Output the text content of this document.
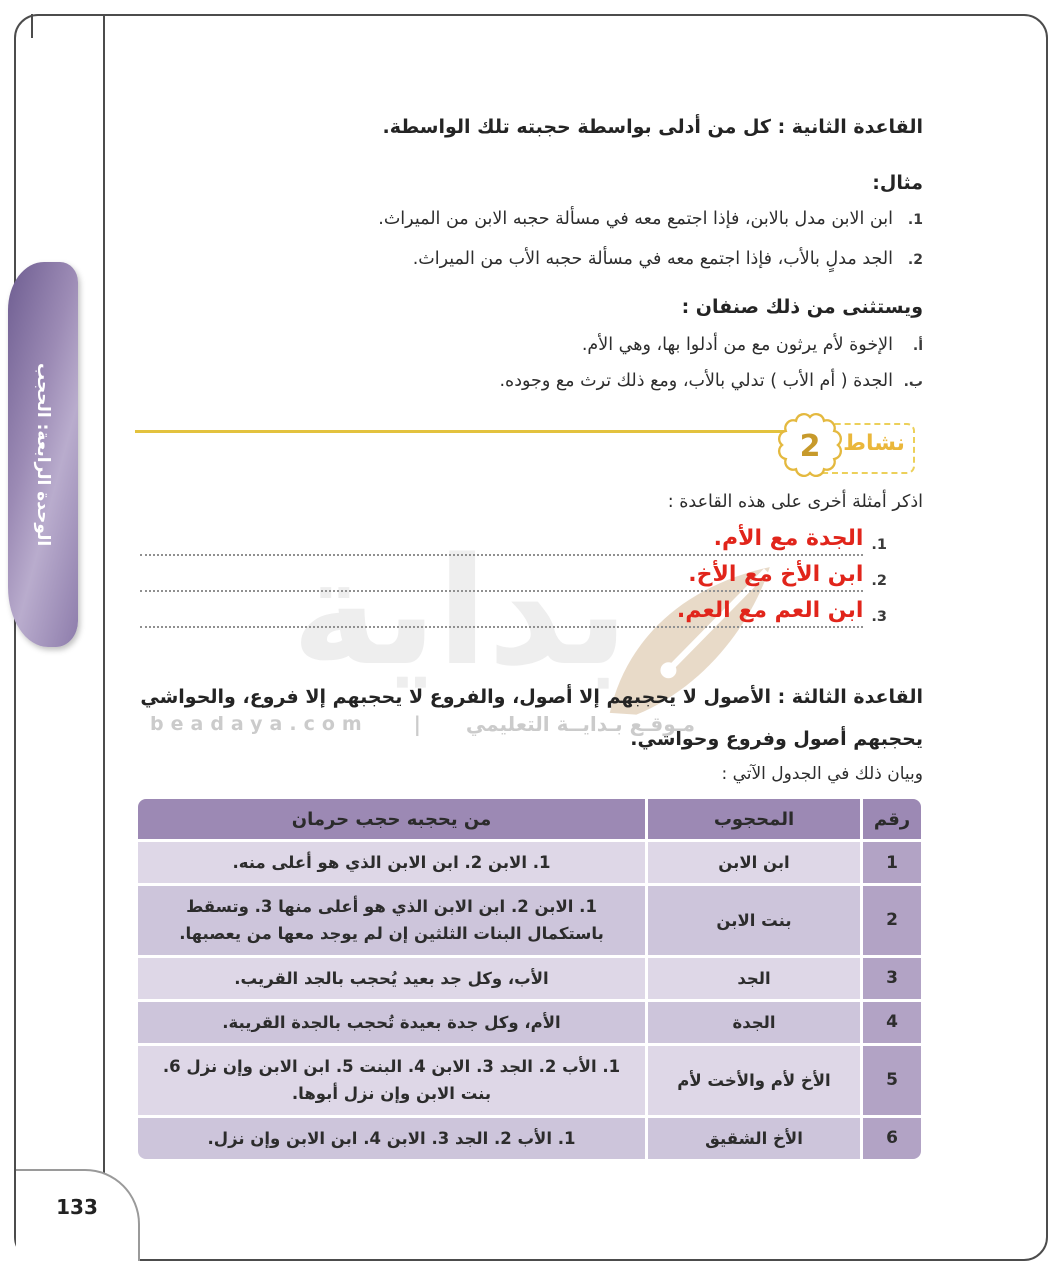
الوحدة الرابعة: الحجب
القاعدة الثانية : كل من أدلى بواسطة حجبته تلك الواسطة.
مثال:
1.
ابن الابن مدل بالابن، فإذا اجتمع معه في مسألة حجبه الابن من الميراث.
2.
الجد مدلٍ بالأب، فإذا اجتمع معه في مسألة حجبه الأب من الميراث.
ويستثنى من ذلك صنفان :
أ.
الإخوة لأم يرثون مع من أدلوا بها، وهي الأم.
ب.
الجدة ( أم الأب ) تدلي بالأب، ومع ذلك ترث مع وجوده.
نشاط
2
اذكر أمثلة أخرى على هذه القاعدة :
1.
الجدة مع الأم.
2.
ابن الأخ مع الأخ.
3.
ابن العم مع العم.
بداية
مـوقـع بـدايــة التعليمي
|
beadaya.com
القاعدة الثالثة : الأصول لا يحجبهم إلا أصول، والفروع لا يحجبهم إلا فروع، والحواشي يحجبهم أصول وفروع وحواشي.
وبيان ذلك في الجدول الآتي :
رقم	المحجوب	من يحجبه حجب حرمان
1	ابن الابن	1. الابن 2. ابن الابن الذي هو أعلى منه.
2	بنت الابن	1. الابن 2. ابن الابن الذي هو أعلى منها 3. وتسقط باستكمال البنات الثلثين إن لم يوجد معها من يعصبها.
3	الجد	الأب، وكل جد بعيد يُحجب بالجد القريب.
4	الجدة	الأم، وكل جدة بعيدة تُحجب بالجدة القريبة.
5	الأخ لأم والأخت لأم	1. الأب 2. الجد 3. الابن 4. البنت 5. ابن الابن وإن نزل 6. بنت الابن وإن نزل أبوها.
6	الأخ الشقيق	1. الأب 2. الجد 3. الابن 4. ابن الابن وإن نزل.
133
